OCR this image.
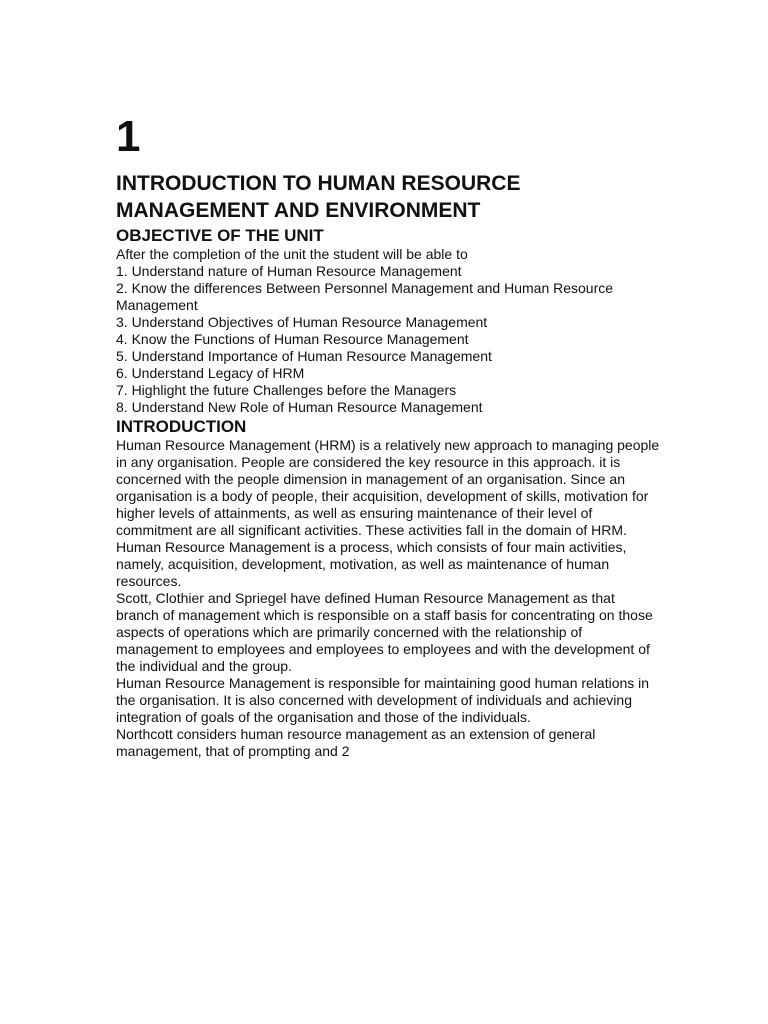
1
INTRODUCTION TO HUMAN RESOURCE MANAGEMENT AND ENVIRONMENT
OBJECTIVE OF THE UNIT

After the completion of the unit the student will be able to

1. Understand nature of Human Resource Management

2. Know the differences Between Personnel Management and Human Resource Management

3. Understand Objectives of Human Resource Management

4. Know the Functions of Human Resource Management

5. Understand Importance of Human Resource Management

6. Understand Legacy of HRM

7. Highlight the future Challenges before the Managers

8. Understand New Role of Human Resource Management

INTRODUCTION

Human Resource Management (HRM) is a relatively new approach to managing people in any organisation. People are considered the key resource in this approach. it is concerned with the people dimension in management of an organisation. Since an organisation is a body of people, their acquisition, development of skills, motivation for higher levels of attainments, as well as ensuring maintenance of their level of commitment are all significant activities. These activities fall in the domain of HRM.

Human Resource Management is a process, which consists of four main activities, namely, acquisition, development, motivation, as well as maintenance of human resources.

Scott, Clothier and Spriegel have defined Human Resource Management as that branch of management which is responsible on a staff basis for concentrating on those aspects of operations which are primarily concerned with the relationship of management to employees and employees to employees and with the development of the individual and the group.

Human Resource Management is responsible for maintaining good human relations in the organisation. It is also concerned with development of individuals and achieving integration of goals of the organisation and those of the individuals.

Northcott considers human resource management as an extension of general management, that of prompting and 2
